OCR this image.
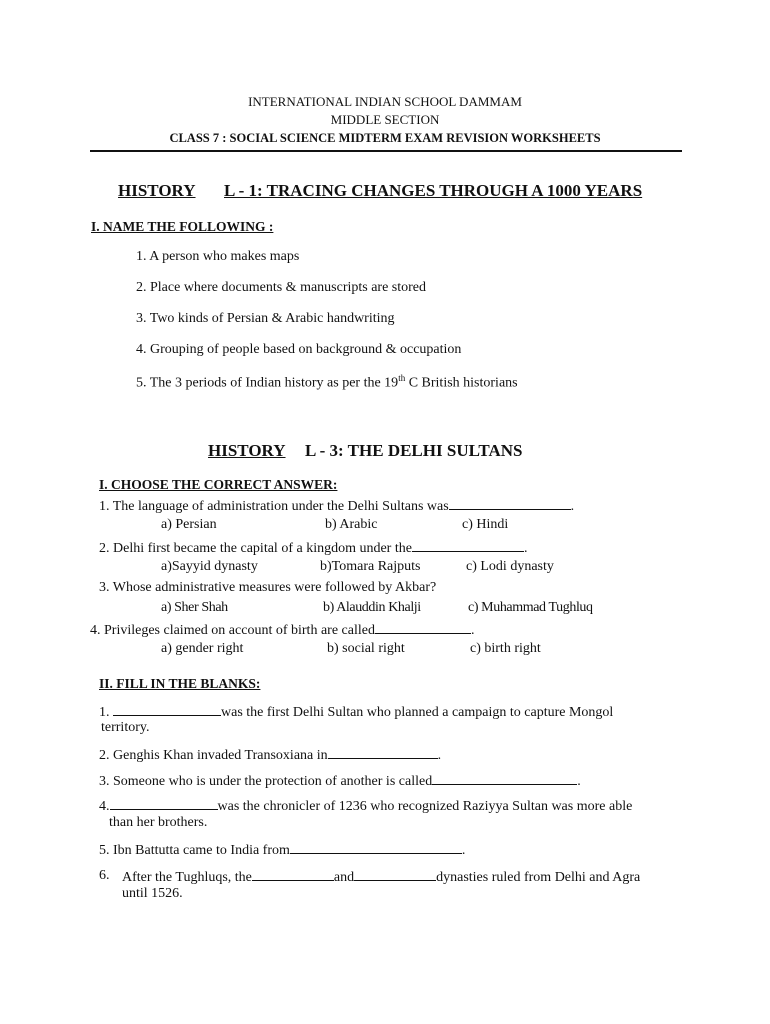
INTERNATIONAL INDIAN SCHOOL DAMMAM
MIDDLE SECTION
CLASS 7 : SOCIAL SCIENCE MIDTERM EXAM REVISION WORKSHEETS
HISTORY L - 1: TRACING CHANGES THROUGH A 1000 YEARS
I. NAME THE FOLLOWING :
1. A person who makes maps
2. Place where documents & manuscripts are stored
3. Two kinds of Persian & Arabic handwriting
4. Grouping of people based on background & occupation
5. The 3 periods of Indian history as per the 19th C British historians
HISTORY L - 3: THE DELHI SULTANS
I. CHOOSE THE CORRECT ANSWER:
1. The language of administration under the Delhi Sultans was	.
a) Persian	b) Arabic	c) Hindi
2. Delhi first became the capital of a kingdom under the	.
a)Sayyid dynasty	b)Tomara Rajputs	c) Lodi dynasty
3. Whose administrative measures were followed by Akbar?
a) Sher Shah	b) Alauddin Khalji	c) Muhammad Tughluq
4. Privileges claimed on account of birth are called	.
a) gender right	b) social right	c) birth right
II. FILL IN THE BLANKS:
1.	was the first Delhi Sultan who planned a campaign to capture Mongol
territory.
2. Genghis Khan invaded Transoxiana in	.
3. Someone who is under the protection of another is called	.
4.	was the chronicler of 1236 who recognized Raziyya Sultan was more able
than her brothers.
5. Ibn Battutta came to India from	.
6. After the Tughluqs, the	and	dynasties ruled from Delhi and Agra
until 1526.
